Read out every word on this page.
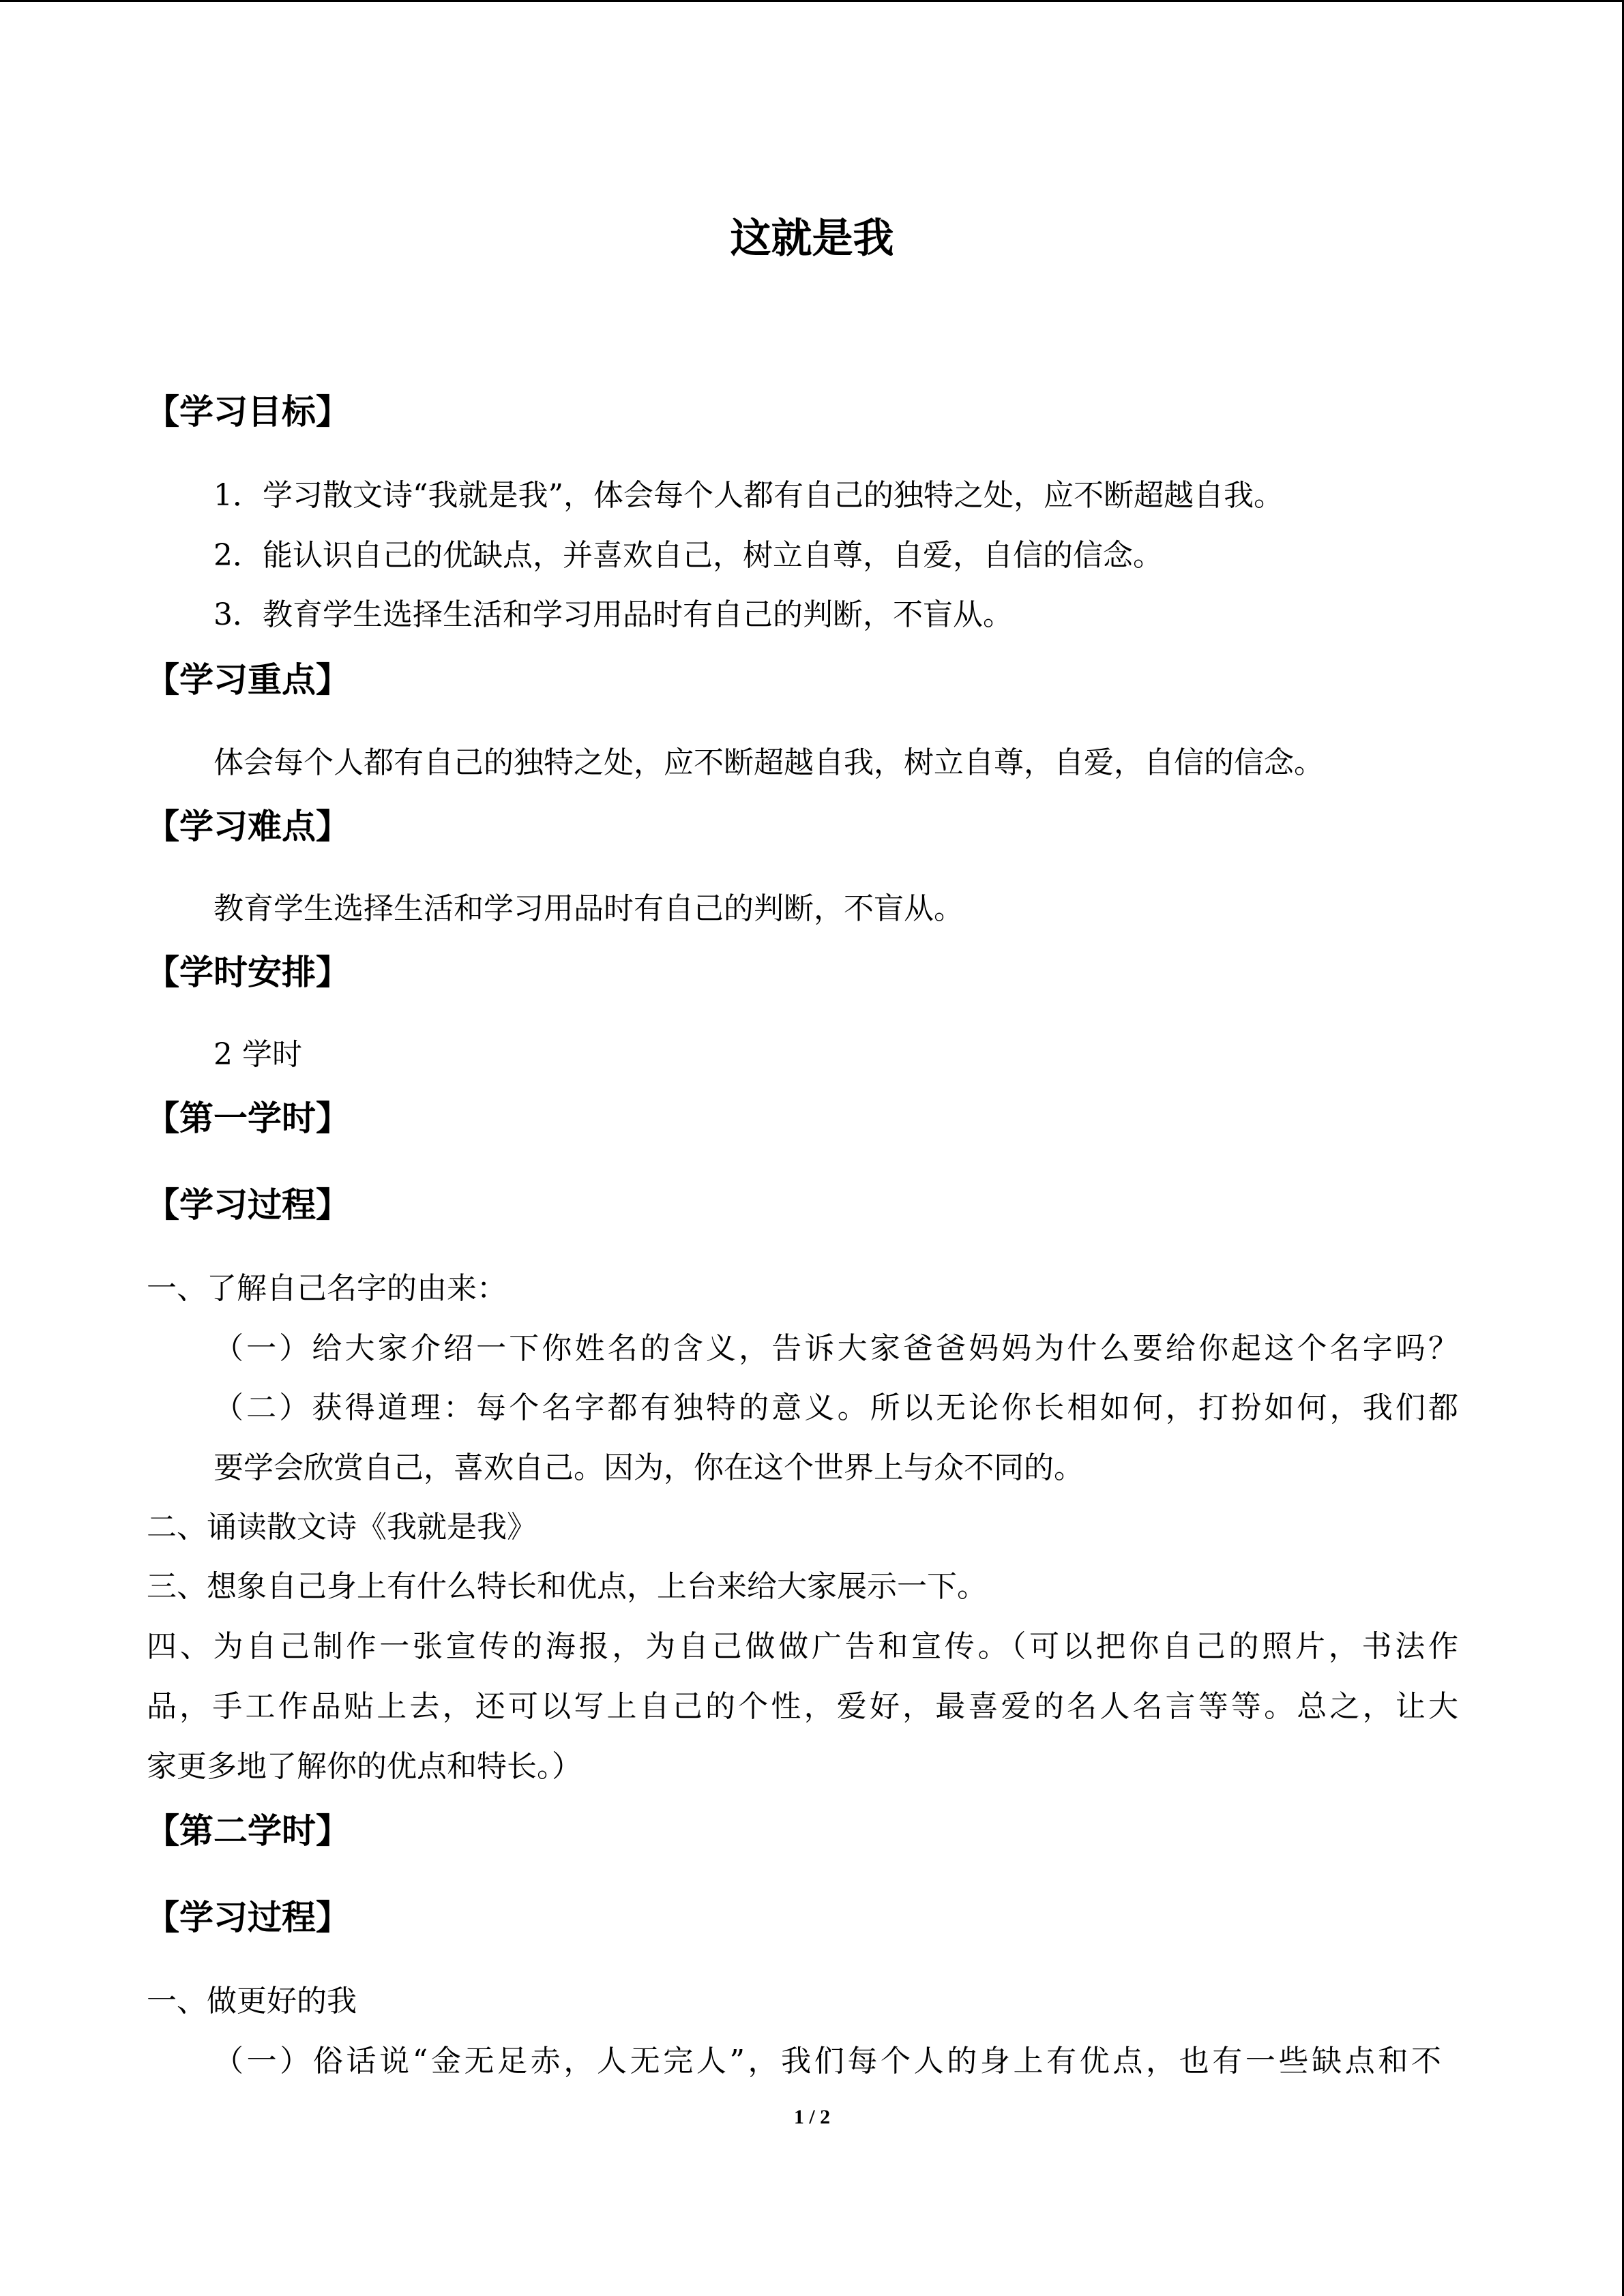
这就是我
【学习目标】
1．学习散文诗“我就是我”，体会每个人都有自己的独特之处，应不断超越自我。
2．能认识自己的优缺点，并喜欢自己，树立自尊，自爱，自信的信念。
3．教育学生选择生活和学习用品时有自己的判断，不盲从。
【学习重点】
体会每个人都有自己的独特之处，应不断超越自我，树立自尊，自爱，自信的信念。
【学习难点】
教育学生选择生活和学习用品时有自己的判断，不盲从。
【学时安排】
2 学时
【第一学时】
【学习过程】
一、了解自己名字的由来：
（一）给大家介绍一下你姓名的含义，告诉大家爸爸妈妈为什么要给你起这个名字吗？
（二）获得道理：每个名字都有独特的意义。所以无论你长相如何，打扮如何，我们都
要学会欣赏自己，喜欢自己。因为，你在这个世界上与众不同的。
二、诵读散文诗《我就是我》
三、想象自己身上有什么特长和优点，上台来给大家展示一下。
四、为自己制作一张宣传的海报，为自己做做广告和宣传。（可以把你自己的照片，书法作
品，手工作品贴上去，还可以写上自己的个性，爱好，最喜爱的名人名言等等。总之，让大
家更多地了解你的优点和特长。）
【第二学时】
【学习过程】
一、做更好的我
（一）俗话说“金无足赤，人无完人”，我们每个人的身上有优点，也有一些缺点和不
1 / 2
